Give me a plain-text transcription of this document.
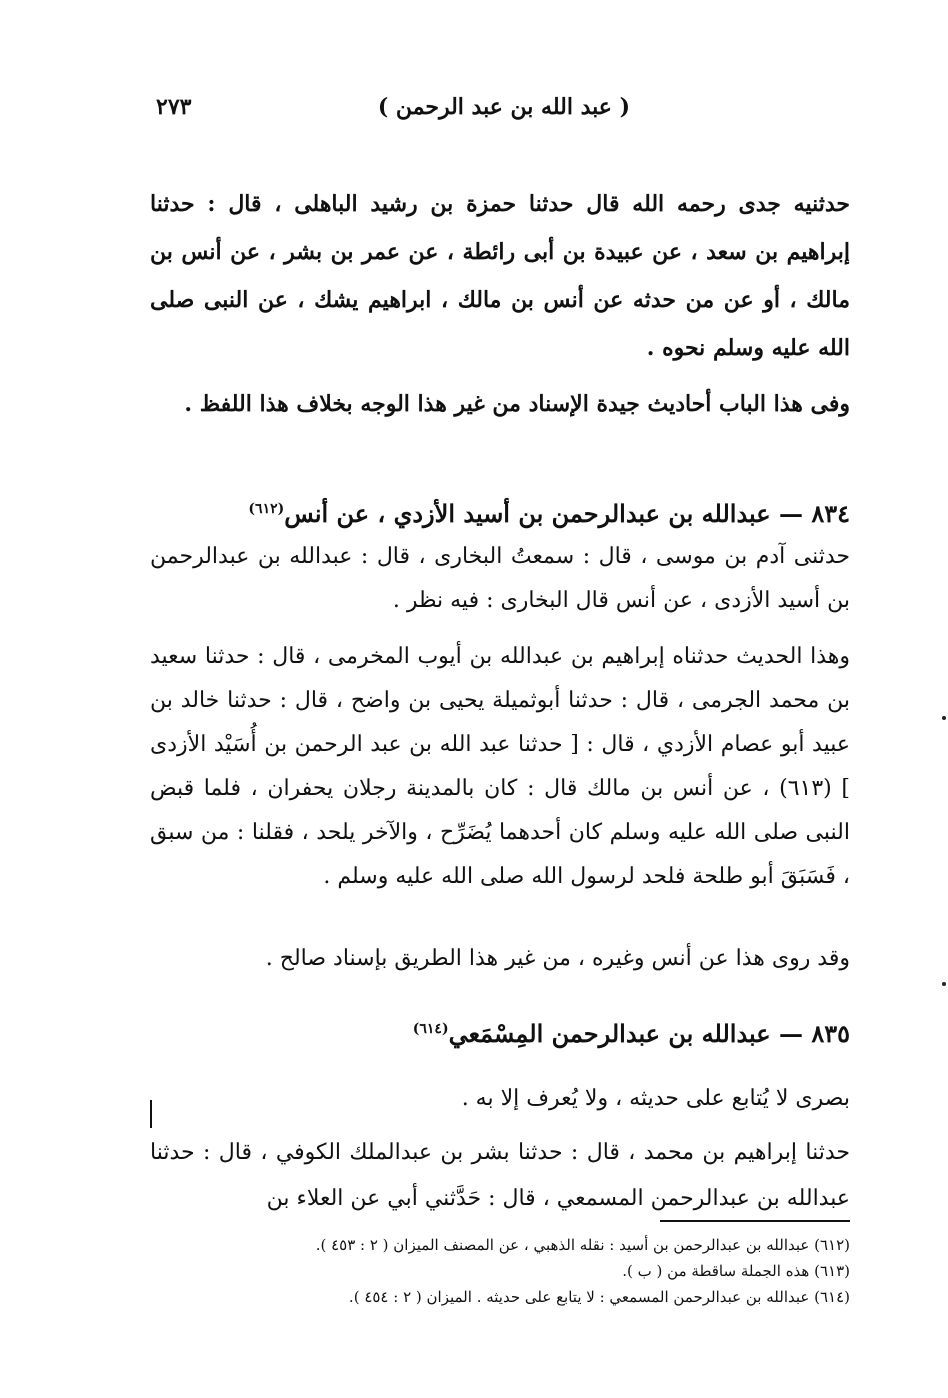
( عبد الله بن عبد الرحمن )
٢٧٣

حدثنيه جدى رحمه الله قال حدثنا حمزة بن رشيد الباهلى ، قال : حدثنا إبراهيم بن سعد ، عن عبيدة بن أبى رائطة ، عن عمر بن بشر ، عن أنس بن مالك ، أو عن من حدثه عن أنس بن مالك ، ابراهيم يشك ، عن النبى صلى الله عليه وسلم نحوه .

وفى هذا الباب أحاديث جيدة الإسناد من غير هذا الوجه بخلاف هذا اللفظ .

٨٣٤ — عبدالله بن عبدالرحمن بن أسيد الأزدي ، عن أنس$^{(٦١٢)}$

حدثنى آدم بن موسى ، قال : سمعتُ البخارى ، قال : عبدالله بن عبدالرحمن بن أسيد الأزدى ، عن أنس قال البخارى : فيه نظر .

وهذا الحديث حدثناه إبراهيم بن عبدالله بن أيوب المخرمى ، قال : حدثنا سعيد بن محمد الجرمى ، قال : حدثنا أبوثميلة يحيى بن واضح ، قال : حدثنا خالد بن عبيد أبو عصام الأزدي ، قال : [ حدثنا عبد الله بن عبد الرحمن بن أُسَيْد الأزدى ] (٦١٣) ، عن أنس بن مالك قال : كان بالمدينة رجلان يحفران ، فلما قبض النبى صلى الله عليه وسلم كان أحدهما يُضَرِّح ، والآخر يلحد ، فقلنا : من سبق ، فَسَبَقَ أبو طلحة فلحد لرسول الله صلى الله عليه وسلم .

وقد روى هذا عن أنس وغيره ، من غير هذا الطريق بإسناد صالح .

٨٣٥ — عبدالله بن عبدالرحمن المِسْمَعي$^{(٦١٤)}$

بصرى لا يُتابع على حديثه ، ولا يُعرف إلا به .

حدثنا إبراهيم بن محمد ، قال : حدثنا بشر بن عبدالملك الكوفي ، قال : حدثنا عبدالله بن عبدالرحمن المسمعي ، قال : حَدَّثني أبي عن العلاء بن

(٦١٢) عبدالله بن عبدالرحمن بن أسيد : نقله الذهبي ، عن المصنف الميزان ( ٢ : ٤٥٣ ).

(٦١٣) هذه الجملة ساقطة من ( ب ).

(٦١٤) عبدالله بن عبدالرحمن المسمعي : لا يتابع على حديثه . الميزان ( ٢ : ٤٥٤ ).
